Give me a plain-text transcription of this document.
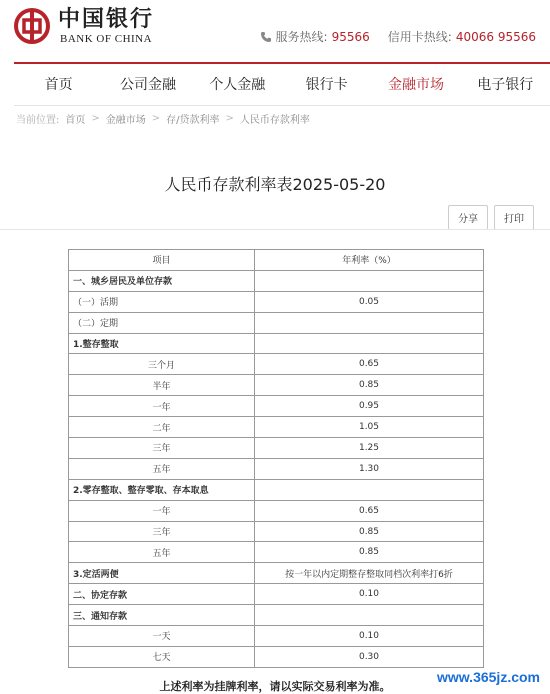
中国银行
BANK OF CHINA	服务热线: 95566 信用卡热线: 40066 95566
首页	公司金融	个人金融	银行卡	金融市场	电子银行
当前位置: 首页 > 金融市场 > 存/贷款利率 > 人民币存款利率
人民币存款利率表2025-05-20
分享	打印
项目	年利率（%）
一、城乡居民及单位存款	
（一）活期	0.05
（二）定期	
1.整存整取	
三个月	0.65
半年	0.85
一年	0.95
二年	1.05
三年	1.25
五年	1.30
2.零存整取、整存零取、存本取息	
一年	0.65
三年	0.85
五年	0.85
3.定活两便	按一年以内定期整存整取同档次利率打6折
二、协定存款	0.10
三、通知存款	
一天	0.10
七天	0.30
上述利率为挂牌利率，请以实际交易利率为准。
www.365jz.com
